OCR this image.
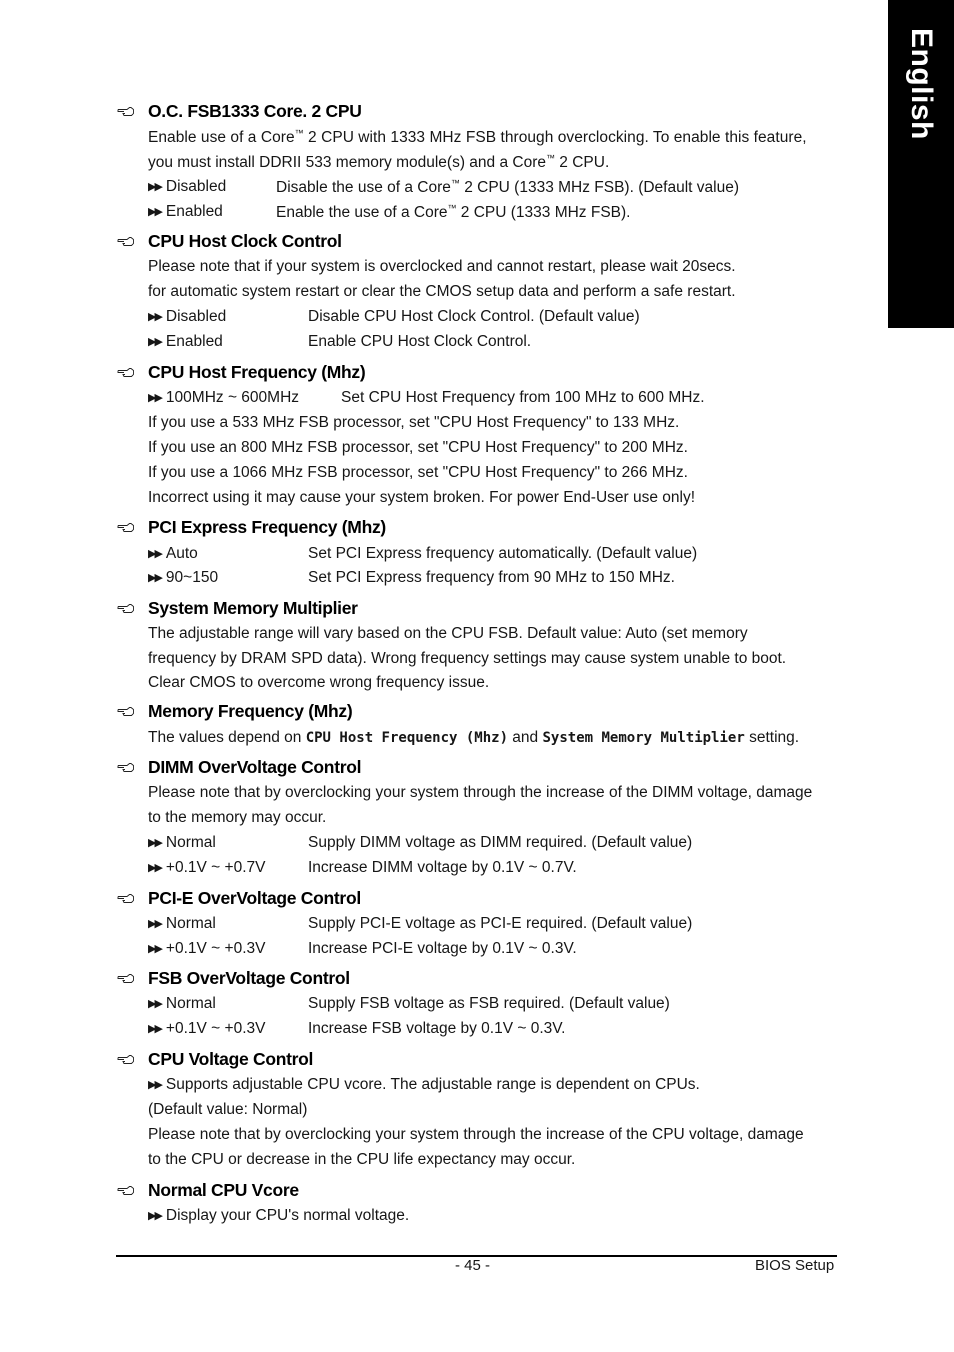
English
O.C. FSB1333 Core. 2 CPU
Enable use of a Core™ 2 CPU with 1333 MHz FSB through overclocking. To enable this feature,
you must install DDRII 533 memory module(s) and a Core™ 2 CPU.
▶▶ Disabled	Disable the use of a Core™ 2 CPU (1333 MHz FSB). (Default value)
▶▶ Enabled	Enable the use of a Core™ 2 CPU (1333 MHz FSB).
CPU Host Clock Control
Please note that if your system is overclocked and cannot restart, please wait 20secs.
for automatic system restart or clear the CMOS setup data and perform a safe restart.
▶▶ Disabled	Disable CPU Host Clock Control. (Default value)
▶▶ Enabled	Enable CPU Host Clock Control.
CPU Host Frequency (Mhz)
▶▶ 100MHz ~ 600MHz	Set CPU Host Frequency from 100 MHz to 600 MHz.
If you use a 533 MHz FSB processor, set "CPU Host Frequency" to 133 MHz.
If you use an 800 MHz FSB processor, set "CPU Host Frequency" to 200 MHz.
If you use a 1066 MHz FSB processor, set "CPU Host Frequency" to 266 MHz.
Incorrect using it may cause your system broken. For power End-User use only!
PCI Express Frequency (Mhz)
▶▶ Auto	Set PCI Express frequency automatically. (Default value)
▶▶ 90~150	Set PCI Express frequency from 90 MHz to 150 MHz.
System Memory Multiplier
The adjustable range will vary based on the CPU FSB. Default value: Auto (set memory
frequency by DRAM SPD data). Wrong frequency settings may cause system unable to boot.
Clear CMOS to overcome wrong frequency issue.
Memory Frequency (Mhz)
The values depend on CPU Host Frequency (Mhz) and System Memory Multiplier setting.
DIMM OverVoltage Control
Please note that by overclocking your system through the increase of the DIMM voltage, damage
to the memory may occur.
▶▶ Normal	Supply DIMM voltage as DIMM required. (Default value)
▶▶ +0.1V ~ +0.7V	Increase DIMM voltage by 0.1V ~ 0.7V.
PCI-E OverVoltage Control
▶▶ Normal	Supply PCI-E voltage as PCI-E required. (Default value)
▶▶ +0.1V ~ +0.3V	Increase PCI-E voltage by 0.1V ~ 0.3V.
FSB OverVoltage Control
▶▶ Normal	Supply FSB voltage as FSB required. (Default value)
▶▶ +0.1V ~ +0.3V	Increase FSB voltage by 0.1V ~ 0.3V.
CPU Voltage Control
▶▶ Supports adjustable CPU vcore. The adjustable range is dependent on CPUs.
(Default value: Normal)
Please note that by overclocking your system through the increase of the CPU voltage, damage
to the CPU or decrease in the CPU life expectancy may occur.
Normal CPU Vcore
▶▶ Display your CPU's normal voltage.
- 45 -	BIOS Setup
